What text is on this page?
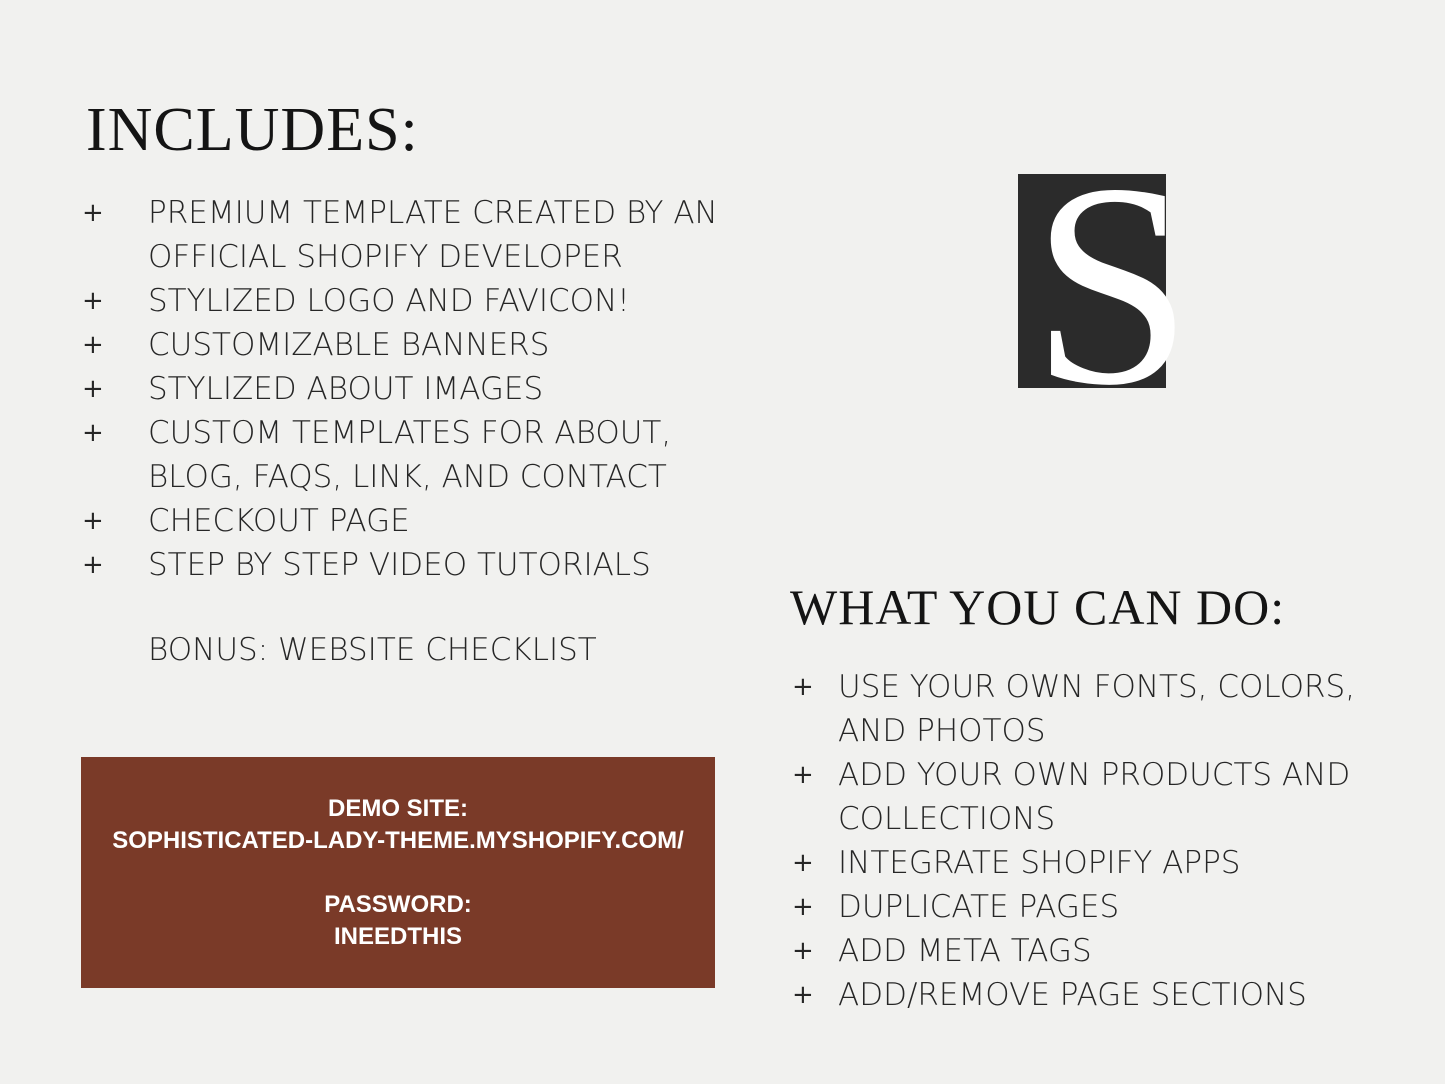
INCLUDES:
+ PREMIUM TEMPLATE CREATED BY AN
OFFICIAL SHOPIFY DEVELOPER
+ STYLIZED LOGO AND FAVICON!
+ CUSTOMIZABLE BANNERS
+ STYLIZED ABOUT IMAGES
+ CUSTOM TEMPLATES FOR ABOUT,
BLOG, FAQS, LINK, AND CONTACT
+ CHECKOUT PAGE
+ STEP BY STEP VIDEO TUTORIALS
BONUS: WEBSITE CHECKLIST
S
WHAT YOU CAN DO:
+ USE YOUR OWN FONTS, COLORS,
AND PHOTOS
+ ADD YOUR OWN PRODUCTS AND
COLLECTIONS
+ INTEGRATE SHOPIFY APPS
+ DUPLICATE PAGES
+ ADD META TAGS
+ ADD/REMOVE PAGE SECTIONS
DEMO SITE:
SOPHISTICATED-LADY-THEME.MYSHOPIFY.COM/
PASSWORD:
INEEDTHIS
